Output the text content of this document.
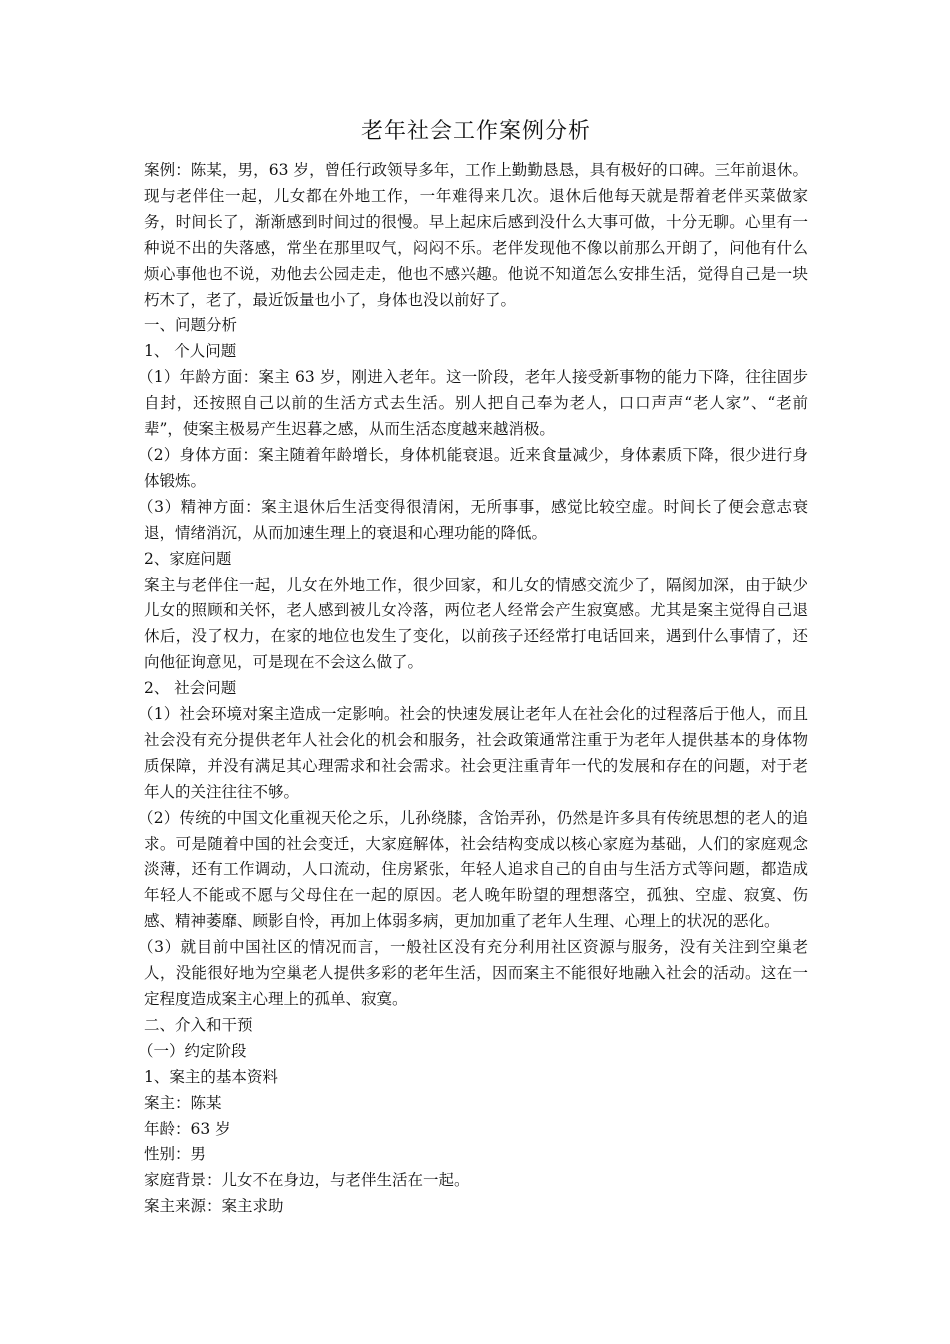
老年社会工作案例分析

案例：陈某，男，63 岁，曾任行政领导多年，工作上勤勤恳恳，具有极好的口碑。三年前退休。现与老伴住一起，儿女都在外地工作，一年难得来几次。退休后他每天就是帮着老伴买菜做家务，时间长了，渐渐感到时间过的很慢。早上起床后感到没什么大事可做，十分无聊。心里有一种说不出的失落感，常坐在那里叹气，闷闷不乐。老伴发现他不像以前那么开朗了，问他有什么烦心事他也不说，劝他去公园走走，他也不感兴趣。他说不知道怎么安排生活，觉得自己是一块朽木了，老了，最近饭量也小了，身体也没以前好了。

一、问题分析

1、 个人问题

（1）年龄方面：案主 63 岁，刚进入老年。这一阶段，老年人接受新事物的能力下降，往往固步自封，还按照自己以前的生活方式去生活。别人把自己奉为老人，口口声声“老人家”、“老前辈”，使案主极易产生迟暮之感，从而生活态度越来越消极。

（2）身体方面：案主随着年龄增长，身体机能衰退。近来食量减少，身体素质下降，很少进行身体锻炼。

（3）精神方面：案主退休后生活变得很清闲，无所事事，感觉比较空虚。时间长了便会意志衰退，情绪消沉，从而加速生理上的衰退和心理功能的降低。

2、家庭问题

案主与老伴住一起，儿女在外地工作，很少回家，和儿女的情感交流少了，隔阂加深，由于缺少儿女的照顾和关怀，老人感到被儿女冷落，两位老人经常会产生寂寞感。尤其是案主觉得自己退休后，没了权力，在家的地位也发生了变化，以前孩子还经常打电话回来，遇到什么事情了，还向他征询意见，可是现在不会这么做了。

2、 社会问题

（1）社会环境对案主造成一定影响。社会的快速发展让老年人在社会化的过程落后于他人，而且社会没有充分提供老年人社会化的机会和服务，社会政策通常注重于为老年人提供基本的身体物质保障，并没有满足其心理需求和社会需求。社会更注重青年一代的发展和存在的问题，对于老年人的关注往往不够。

（2）传统的中国文化重视天伦之乐，儿孙绕膝，含饴弄孙，仍然是许多具有传统思想的老人的追求。可是随着中国的社会变迁，大家庭解体，社会结构变成以核心家庭为基础，人们的家庭观念淡薄，还有工作调动，人口流动，住房紧张，年轻人追求自己的自由与生活方式等问题，都造成年轻人不能或不愿与父母住在一起的原因。老人晚年盼望的理想落空，孤独、空虚、寂寞、伤感、精神萎靡、顾影自怜，再加上体弱多病，更加加重了老年人生理、心理上的状况的恶化。

（3）就目前中国社区的情况而言，一般社区没有充分利用社区资源与服务，没有关注到空巢老人，没能很好地为空巢老人提供多彩的老年生活，因而案主不能很好地融入社会的活动。这在一定程度造成案主心理上的孤单、寂寞。

二、介入和干预

（一）约定阶段

1、案主的基本资料

案主：陈某

年龄：63 岁

性别：男

家庭背景：儿女不在身边，与老伴生活在一起。

案主来源：案主求助
